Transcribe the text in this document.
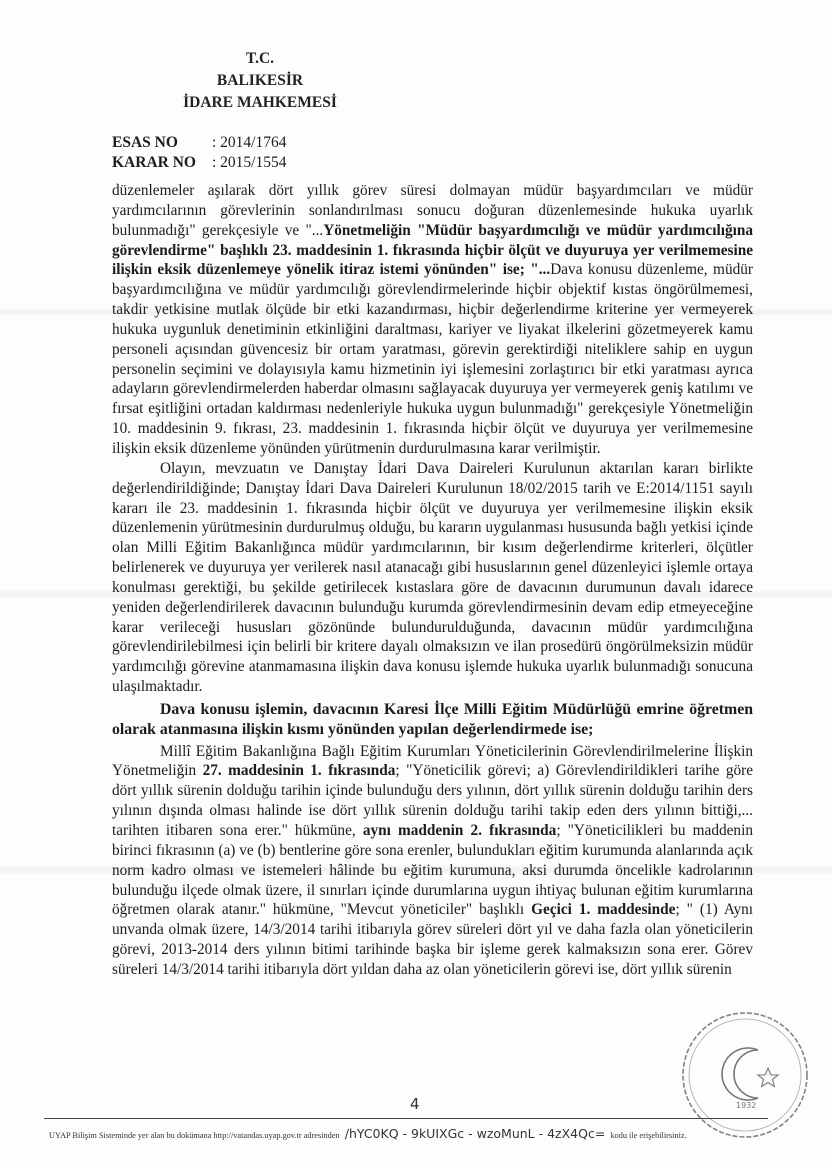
T.C.
BALIKESİR
İDARE MAHKEMESİ
ESAS NO	: 2014/1764
KARAR NO	: 2015/1554

düzenlemeler aşılarak dört yıllık görev süresi dolmayan müdür başyardımcıları ve müdür yardımcılarının görevlerinin sonlandırılması sonucu doğuran düzenlemesinde hukuka uyarlık bulunmadığı" gerekçesiyle ve "...Yönetmeliğin "Müdür başyardımcılığı ve müdür yardımcılığına görevlendirme" başlıklı 23. maddesinin 1. fıkrasında hiçbir ölçüt ve duyuruya yer verilmemesine ilişkin eksik düzenlemeye yönelik itiraz istemi yönünden" ise; "...Dava konusu düzenleme, müdür başyardımcılığına ve müdür yardımcılığı görevlendirmelerinde hiçbir objektif kıstas öngörülmemesi, takdir yetkisine mutlak ölçüde bir etki kazandırması, hiçbir değerlendirme kriterine yer vermeyerek hukuka uygunluk denetiminin etkinliğini daraltması, kariyer ve liyakat ilkelerini gözetmeyerek kamu personeli açısından güvencesiz bir ortam yaratması, görevin gerektirdiği niteliklere sahip en uygun personelin seçimini ve dolayısıyla kamu hizmetinin iyi işlemesini zorlaştırıcı bir etki yaratması ayrıca adayların görevlendirmelerden haberdar olmasını sağlayacak duyuruya yer vermeyerek geniş katılımı ve fırsat eşitliğini ortadan kaldırması nedenleriyle hukuka uygun bulunmadığı" gerekçesiyle Yönetmeliğin 10. maddesinin 9. fıkrası, 23. maddesinin 1. fıkrasında hiçbir ölçüt ve duyuruya yer verilmemesine ilişkin eksik düzenleme yönünden yürütmenin durdurulmasına karar verilmiştir.

Olayın, mevzuatın ve Danıştay İdari Dava Daireleri Kurulunun aktarılan kararı birlikte değerlendirildiğinde; Danıştay İdari Dava Daireleri Kurulunun 18/02/2015 tarih ve E:2014/1151 sayılı kararı ile 23. maddesinin 1. fıkrasında hiçbir ölçüt ve duyuruya yer verilmemesine ilişkin eksik düzenlemenin yürütmesinin durdurulmuş olduğu, bu kararın uygulanması hususunda bağlı yetkisi içinde olan Milli Eğitim Bakanlığınca müdür yardımcılarının, bir kısım değerlendirme kriterleri, ölçütler belirlenerek ve duyuruya yer verilerek nasıl atanacağı gibi hususlarının genel düzenleyici işlemle ortaya konulması gerektiği, bu şekilde getirilecek kıstaslara göre de davacının durumunun davalı idarece yeniden değerlendirilerek davacının bulunduğu kurumda görevlendirmesinin devam edip etmeyeceğine karar verileceği hususları gözönünde bulundurulduğunda, davacının müdür yardımcılığına görevlendirilebilmesi için belirli bir kritere dayalı olmaksızın ve ilan prosedürü öngörülmeksizin müdür yardımcılığı görevine atanmamasına ilişkin dava konusu işlemde hukuka uyarlık bulunmadığı sonucuna ulaşılmaktadır.

Dava konusu işlemin, davacının Karesi İlçe Milli Eğitim Müdürlüğü emrine öğretmen olarak atanmasına ilişkin kısmı yönünden yapılan değerlendirmede ise;

Millî Eğitim Bakanlığına Bağlı Eğitim Kurumları Yöneticilerinin Görevlendirilmelerine İlişkin Yönetmeliğin 27. maddesinin 1. fıkrasında; "Yöneticilik görevi; a) Görevlendirildikleri tarihe göre dört yıllık sürenin dolduğu tarihin içinde bulunduğu ders yılının, dört yıllık sürenin dolduğu tarihin ders yılının dışında olması halinde ise dört yıllık sürenin dolduğu tarihi takip eden ders yılının bittiği,... tarihten itibaren sona erer." hükmüne, aynı maddenin 2. fıkrasında; "Yöneticilikleri bu maddenin birinci fıkrasının (a) ve (b) bentlerine göre sona erenler, bulundukları eğitim kurumunda alanlarında açık norm kadro olması ve istemeleri hâlinde bu eğitim kurumuna, aksi durumda öncelikle kadrolarının bulunduğu ilçede olmak üzere, il sınırları içinde durumlarına uygun ihtiyaç bulunan eğitim kurumlarına öğretmen olarak atanır." hükmüne, "Mevcut yöneticiler" başlıklı Geçici 1. maddesinde; " (1) Aynı unvanda olmak üzere, 14/3/2014 tarihi itibarıyla görev süreleri dört yıl ve daha fazla olan yöneticilerin görevi, 2013-2014 ders yılının bitimi tarihinde başka bir işleme gerek kalmaksızın sona erer. Görev süreleri 14/3/2014 tarihi itibarıyla dört yıldan daha az olan yöneticilerin görevi ise, dört yıllık sürenin

4
UYAP Bilişim Sisteminde yer alan bu dokümana http://vatandas.uyap.gov.tr adresinden /hYC0KQ - 9kUIXGc - wzoMunL - 4zX4Qc= kodu ile erişebilirsiniz.
1932
